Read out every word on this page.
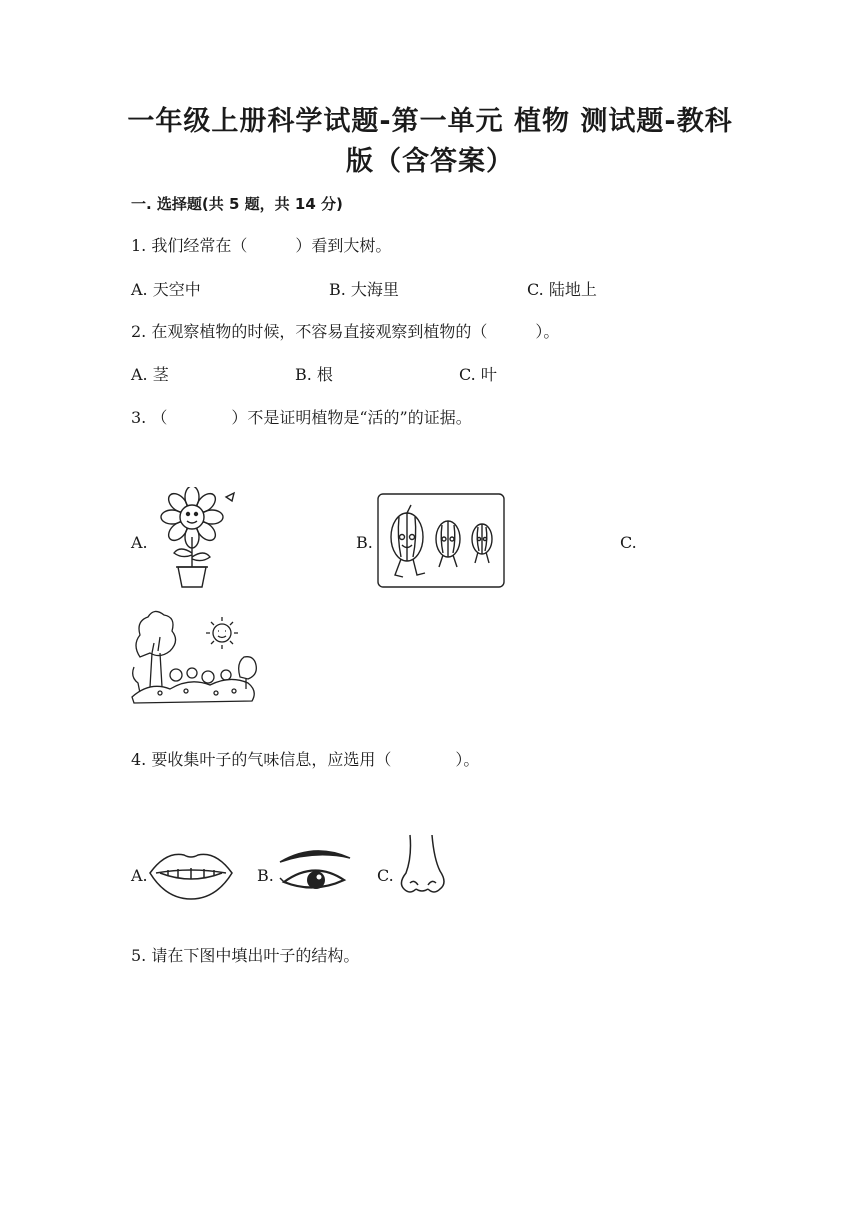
一年级上册科学试题-第一单元 植物 测试题-教科
版（含答案）
一. 选择题(共 5 题，共 14 分)
1. 我们经常在（　　　）看到大树。
A. 天空中	B. 大海里	C. 陆地上
2. 在观察植物的时候，不容易直接观察到植物的（　　　）。
A. 茎	B. 根	C. 叶
3. （　　　　）不是证明植物是“活的”的证据。
A.	B.	C.
4. 要收集叶子的气味信息，应选用（　　　　）。
A.	B.	C.
5. 请在下图中填出叶子的结构。
